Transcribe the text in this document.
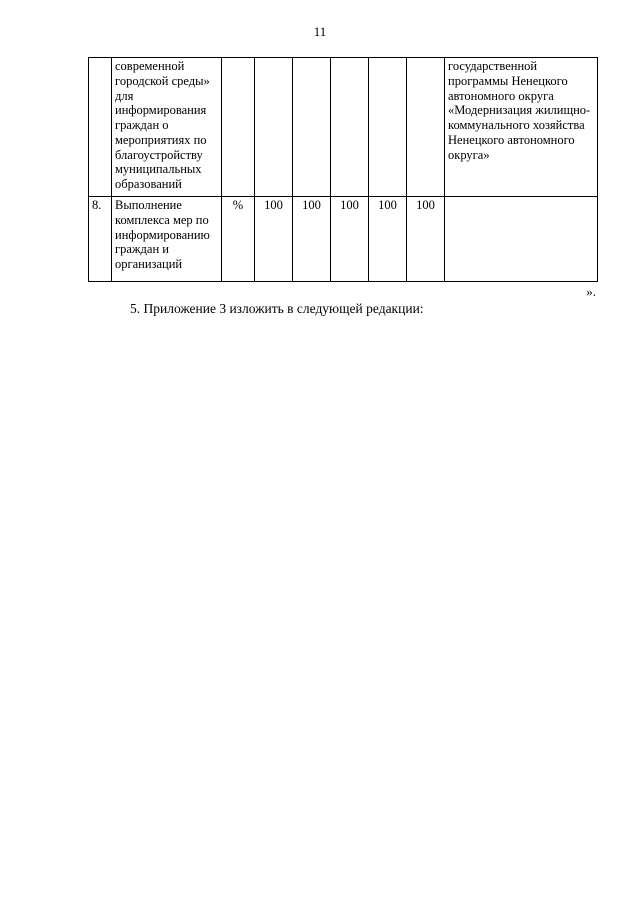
11
	современной городской среды» для информирования граждан о мероприятиях по благоустройству муниципальных образований							государственной программы Ненецкого автономного округа «Модернизация жилищно-коммунального хозяйства Ненецкого автономного округа»
8.	Выполнение комплекса мер по информированию граждан и организаций	%	100	100	100	100	100	
».

5. Приложение 3 изложить в следующей редакции:
